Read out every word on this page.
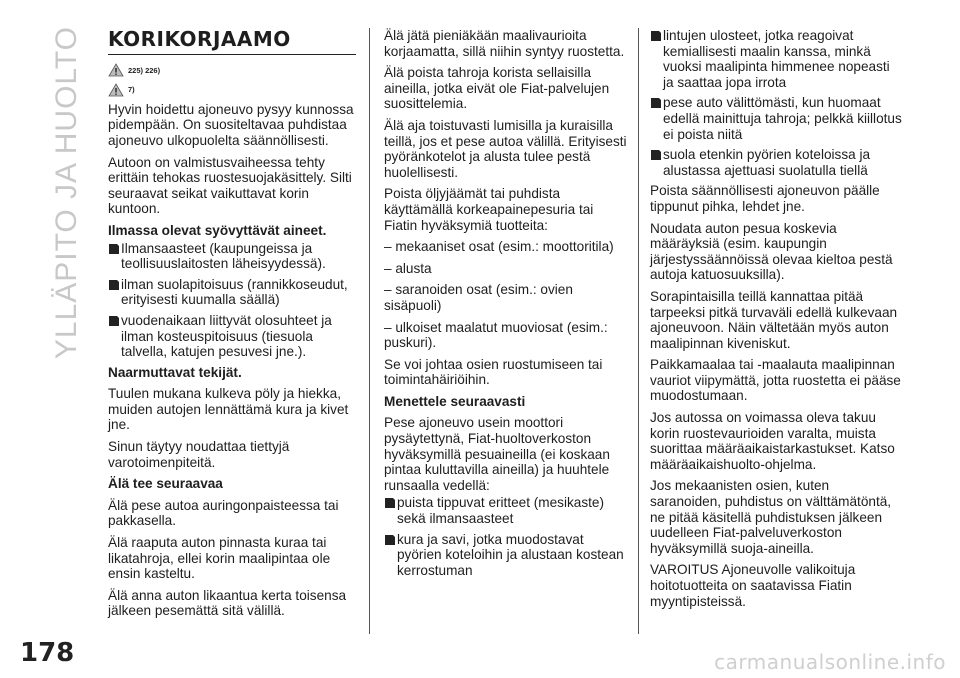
YLLÄPITO JA HUOLTO
178	carmanualsonline.info
KORIKORJAAMO
225) 226)
7)

Hyvin hoidettu ajoneuvo pysyy kunnossa pidempään. On suositeltavaa puhdistaa ajoneuvo ulkopuolelta säännöllisesti.

Autoon on valmistusvaiheessa tehty erittäin tehokas ruostesuojakäsittely. Silti seuraavat seikat vaikuttavat korin kuntoon.

Ilmassa olevat syövyttävät aineet.

Ilmansaasteet (kaupungeissa ja teollisuuslaitosten läheisyydessä).
ilman suolapitoisuus (rannikkoseudut, erityisesti kuumalla säällä)
vuodenaikaan liittyvät olosuhteet ja ilman kosteuspitoisuus (tiesuola talvella, katujen pesuvesi jne.).

Naarmuttavat tekijät.

Tuulen mukana kulkeva pöly ja hiekka, muiden autojen lennättämä kura ja kivet jne.

Sinun täytyy noudattaa tiettyjä varotoimenpiteitä.

Älä tee seuraavaa

Älä pese autoa auringonpaisteessa tai pakkasella.

Älä raaputa auton pinnasta kuraa tai likatahroja, ellei korin maalipintaa ole ensin kasteltu.

Älä anna auton likaantua kerta toisensa jälkeen pesemättä sitä välillä.

Älä jätä pieniäkään maalivaurioita korjaamatta, sillä niihin syntyy ruostetta.

Älä poista tahroja korista sellaisilla aineilla, jotka eivät ole Fiat-palvelujen suosittelemia.

Älä aja toistuvasti lumisilla ja kuraisilla teillä, jos et pese autoa välillä. Erityisesti pyöränkotelot ja alusta tulee pestä huolellisesti.

Poista öljyjäämät tai puhdista käyttämällä korkeapainepesuria tai Fiatin hyväksymiä tuotteita:

– mekaaniset osat (esim.: moottoritila)

– alusta

– saranoiden osat (esim.: ovien sisäpuoli)

– ulkoiset maalatut muoviosat (esim.: puskuri).

Se voi johtaa osien ruostumiseen tai toimintahäiriöihin.

Menettele seuraavasti

Pese ajoneuvo usein moottori pysäytettynä, Fiat-huoltoverkoston hyväksymillä pesuaineilla (ei koskaan pintaa kuluttavilla aineilla) ja huuhtele runsaalla vedellä:

puista tippuvat eritteet (mesikaste) sekä ilmansaasteet
kura ja savi, jotka muodostavat pyörien koteloihin ja alustaan kostean kerrostuman
lintujen ulosteet, jotka reagoivat kemiallisesti maalin kanssa, minkä vuoksi maalipinta himmenee nopeasti ja saattaa jopa irrota
pese auto välittömästi, kun huomaat edellä mainittuja tahroja; pelkkä kiillotus ei poista niitä
suola etenkin pyörien koteloissa ja alustassa ajettuasi suolatulla tiellä

Poista säännöllisesti ajoneuvon päälle tippunut pihka, lehdet jne.

Noudata auton pesua koskevia määräyksiä (esim. kaupungin järjestyssäännöissä olevaa kieltoa pestä autoja katuosuuksilla).

Sorapintaisilla teillä kannattaa pitää tarpeeksi pitkä turvaväli edellä kulkevaan ajoneuvoon. Näin vältetään myös auton maalipinnan kiveniskut.

Paikkamaalaa tai -maalauta maalipinnan vauriot viipymättä, jotta ruostetta ei pääse muodostumaan.

Jos autossa on voimassa oleva takuu korin ruostevaurioiden varalta, muista suorittaa määräaikaistarkastukset. Katso määräaikaishuolto-ohjelma.

Jos mekaanisten osien, kuten saranoiden, puhdistus on välttämätöntä, ne pitää käsitellä puhdistuksen jälkeen uudelleen Fiat-palveluverkoston hyväksymillä suoja-aineilla.

VAROITUS Ajoneuvolle valikoituja hoitotuotteita on saatavissa Fiatin myyntipisteissä.
